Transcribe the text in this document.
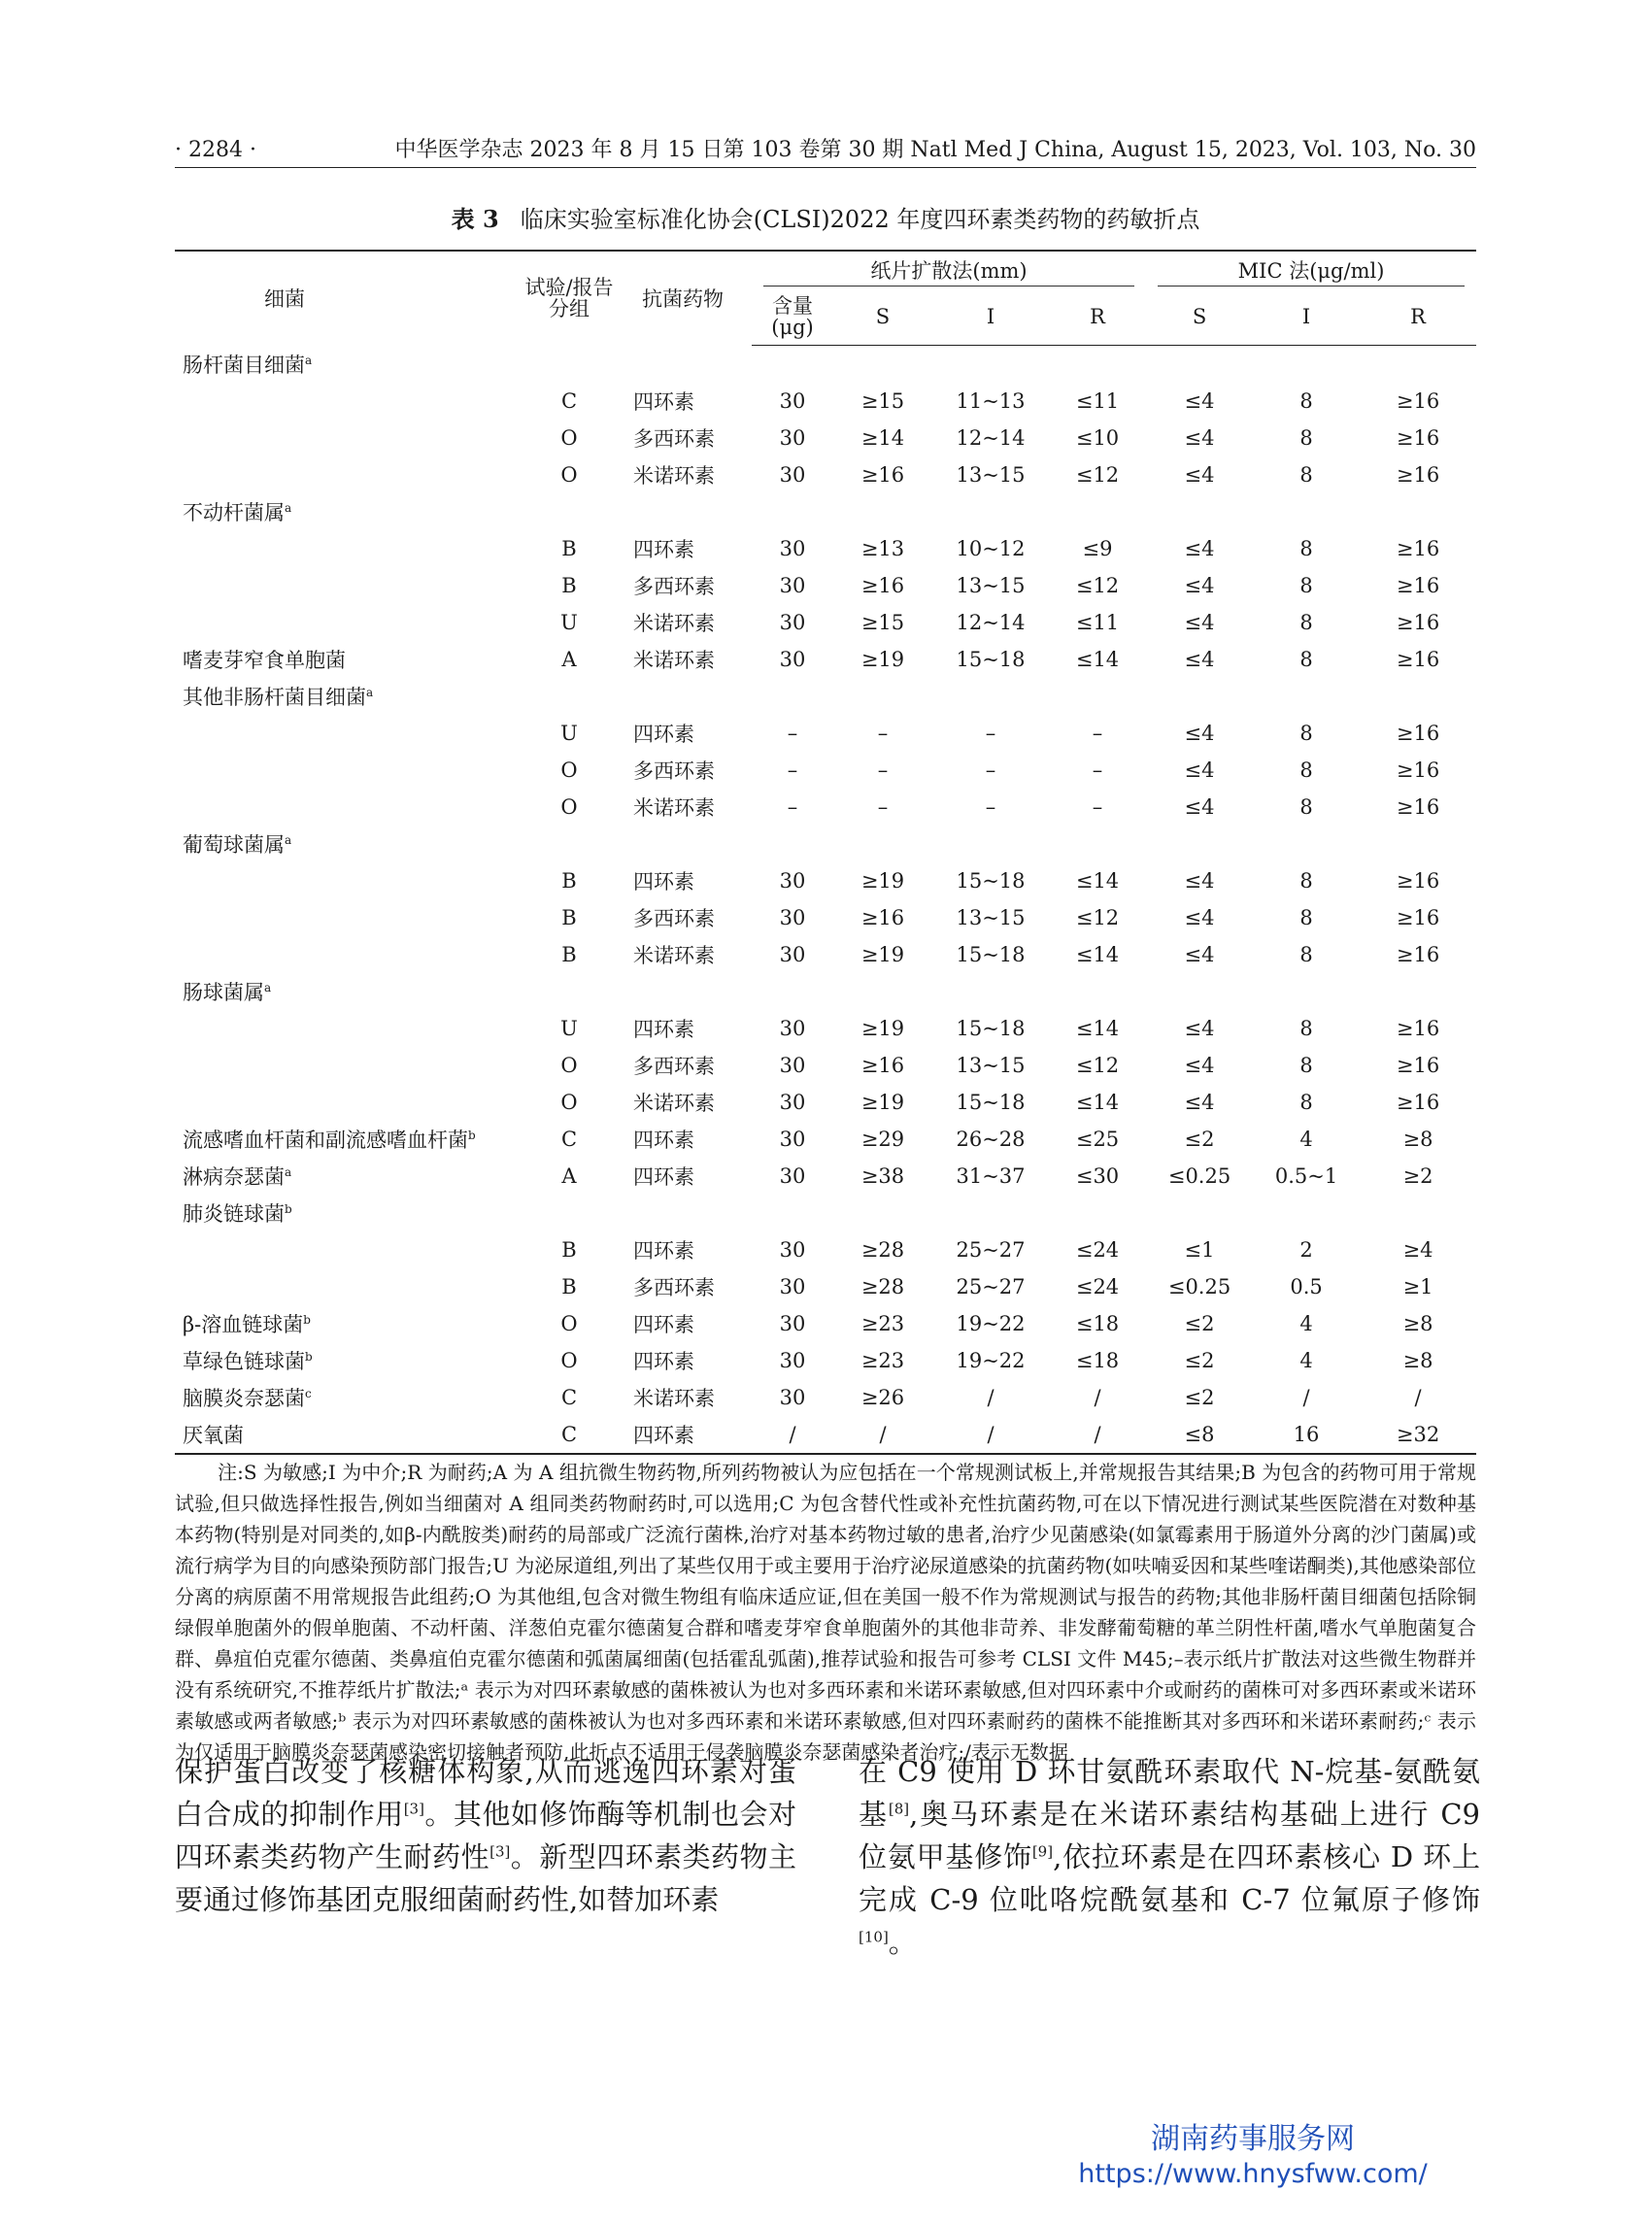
· 2284 ·	中华医学杂志 2023 年 8 月 15 日第 103 卷第 30 期 Natl Med J China, August 15, 2023, Vol. 103, No. 30
表 3 临床实验室标准化协会(CLSI)2022 年度四环素类药物的药敏折点
细菌	试验/报告分组	抗菌药物	纸片扩散法(mm)				MIC 法(μg/ml)		

			含量(μg)	S	I	R	S	I	R
肠杆菌目细菌$^a$									
	C	四环素	30	≥15	11~13	≤11	≤4	8	≥16
	O	多西环素	30	≥14	12~14	≤10	≤4	8	≥16
	O	米诺环素	30	≥16	13~15	≤12	≤4	8	≥16
不动杆菌属$^a$									
	B	四环素	30	≥13	10~12	≤9	≤4	8	≥16
	B	多西环素	30	≥16	13~15	≤12	≤4	8	≥16
	U	米诺环素	30	≥15	12~14	≤11	≤4	8	≥16
嗜麦芽窄食单胞菌	A	米诺环素	30	≥19	15~18	≤14	≤4	8	≥16
其他非肠杆菌目细菌$^a$									
	U	四环素	–	–	–	–	≤4	8	≥16
	O	多西环素	–	–	–	–	≤4	8	≥16
	O	米诺环素	–	–	–	–	≤4	8	≥16
葡萄球菌属$^a$									
	B	四环素	30	≥19	15~18	≤14	≤4	8	≥16
	B	多西环素	30	≥16	13~15	≤12	≤4	8	≥16
	B	米诺环素	30	≥19	15~18	≤14	≤4	8	≥16
肠球菌属$^a$									
	U	四环素	30	≥19	15~18	≤14	≤4	8	≥16
	O	多西环素	30	≥16	13~15	≤12	≤4	8	≥16
	O	米诺环素	30	≥19	15~18	≤14	≤4	8	≥16
流感嗜血杆菌和副流感嗜血杆菌$^b$	C	四环素	30	≥29	26~28	≤25	≤2	4	≥8
淋病奈瑟菌$^a$	A	四环素	30	≥38	31~37	≤30	≤0.25	0.5~1	≥2
肺炎链球菌$^b$									
	B	四环素	30	≥28	25~27	≤24	≤1	2	≥4
	B	多西环素	30	≥28	25~27	≤24	≤0.25	0.5	≥1
β-溶血链球菌$^b$	O	四环素	30	≥23	19~22	≤18	≤2	4	≥8
草绿色链球菌$^b$	O	四环素	30	≥23	19~22	≤18	≤2	4	≥8
脑膜炎奈瑟菌$^c$	C	米诺环素	30	≥26	/	/	≤2	/	/
厌氧菌	C	四环素	/	/	/	/	≤8	16	≥32

注:S 为敏感;I 为中介;R 为耐药;A 为 A 组抗微生物药物,所列药物被认为应包括在一个常规测试板上,并常规报告其结果;B 为包含的药物可用于常规试验,但只做选择性报告,例如当细菌对 A 组同类药物耐药时,可以选用;C 为包含替代性或补充性抗菌药物,可在以下情况进行测试某些医院潜在对数种基本药物(特别是对同类的,如β-内酰胺类)耐药的局部或广泛流行菌株,治疗对基本药物过敏的患者,治疗少见菌感染(如氯霉素用于肠道外分离的沙门菌属)或流行病学为目的向感染预防部门报告;U 为泌尿道组,列出了某些仅用于或主要用于治疗泌尿道感染的抗菌药物(如呋喃妥因和某些喹诺酮类),其他感染部位分离的病原菌不用常规报告此组药;O 为其他组,包含对微生物组有临床适应证,但在美国一般不作为常规测试与报告的药物;其他非肠杆菌目细菌包括除铜绿假单胞菌外的假单胞菌、不动杆菌、洋葱伯克霍尔德菌复合群和嗜麦芽窄食单胞菌外的其他非苛养、非发酵葡萄糖的革兰阴性杆菌,嗜水气单胞菌复合群、鼻疽伯克霍尔德菌、类鼻疽伯克霍尔德菌和弧菌属细菌(包括霍乱弧菌),推荐试验和报告可参考 CLSI 文件 M45;–表示纸片扩散法对这些微生物群并没有系统研究,不推荐纸片扩散法;ᵃ 表示为对四环素敏感的菌株被认为也对多西环素和米诺环素敏感,但对四环素中介或耐药的菌株可对多西环素或米诺环素敏感或两者敏感;ᵇ 表示为对四环素敏感的菌株被认为也对多西环素和米诺环素敏感,但对四环素耐药的菌株不能推断其对多西环和米诺环素耐药;ᶜ 表示为仅适用于脑膜炎奈瑟菌感染密切接触者预防,此折点不适用于侵袭脑膜炎奈瑟菌感染者治疗;/表示无数据

保护蛋白改变了核糖体构象,从而逃逸四环素对蛋白合成的抑制作用[3]。其他如修饰酶等机制也会对四环素类药物产生耐药性[3]。新型四环素类药物主要通过修饰基团克服细菌耐药性,如替加环素
在 C9 使用 D 环甘氨酰环素取代 N-烷基-氨酰氨基[8],奥马环素是在米诺环素结构基础上进行 C9 位氨甲基修饰[9],依拉环素是在四环素核心 D 环上完成 C-9 位吡咯烷酰氨基和 C-7 位氟原子修饰[10]。
湖南药事服务网
https://www.hnysfww.com/
